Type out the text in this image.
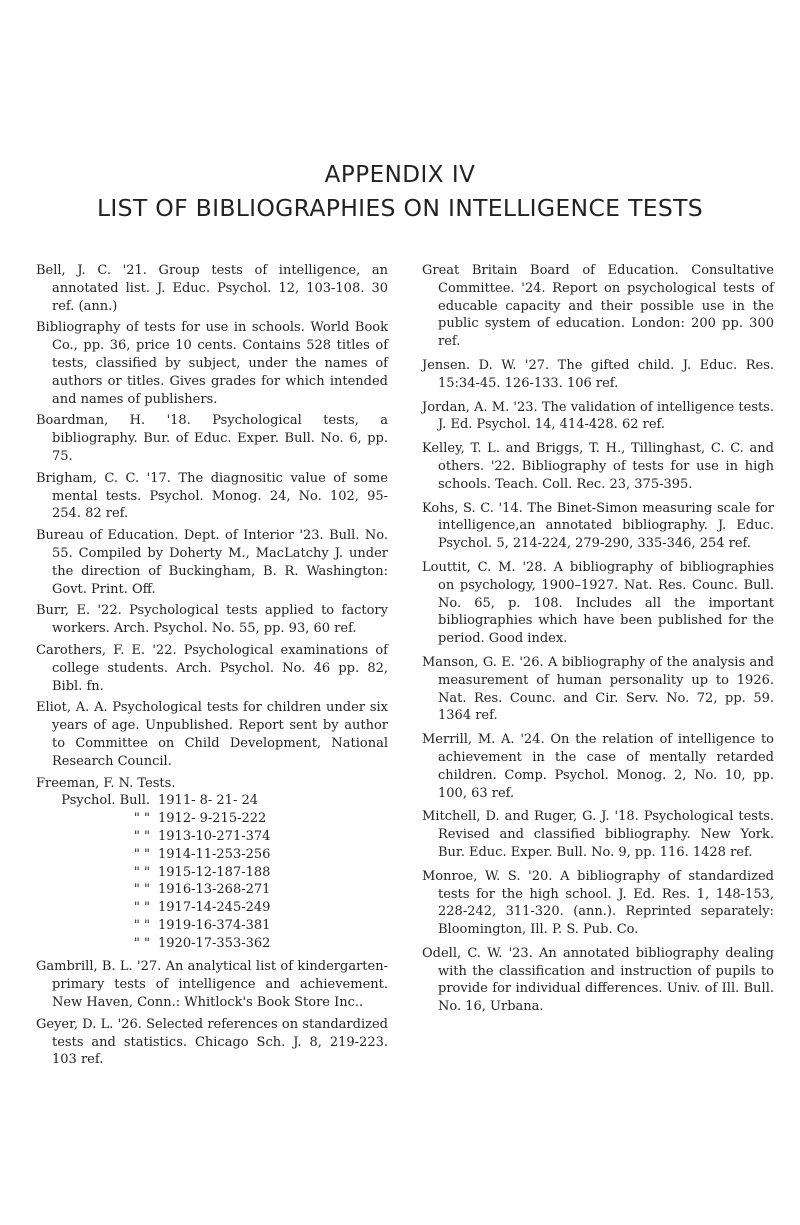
APPENDIX IV
LIST OF BIBLIOGRAPHIES ON INTELLIGENCE TESTS
Bell, J. C. '21. Group tests of intelligence, an annotated list. J. Educ. Psychol. 12, 103-108. 30 ref. (ann.)
Bibliography of tests for use in schools. World Book Co., pp. 36, price 10 cents. Contains 528 titles of tests, classified by subject, under the names of authors or titles. Gives grades for which intended and names of publishers.
Boardman, H. '18. Psychological tests, a bibliography. Bur. of Educ. Exper. Bull. No. 6, pp. 75.
Brigham, C. C. '17. The diagnositic value of some mental tests. Psychol. Monog. 24, No. 102, 95-254. 82 ref.
Bureau of Education. Dept. of Interior '23. Bull. No. 55. Compiled by Doherty M., MacLatchy J. under the direction of Buckingham, B. R. Washington: Govt. Print. Off.
Burr, E. '22. Psychological tests applied to factory workers. Arch. Psychol. No. 55, pp. 93, 60 ref.
Carothers, F. E. '22. Psychological examinations of college students. Arch. Psychol. No. 46 pp. 82, Bibl. fn.
Eliot, A. A. Psychological tests for children under six years of age. Unpublished. Report sent by author to Committee on Child Development, National Research Council.
Freeman, F. N. Tests.
Psychol. Bull. 1911- 8- 21- 24
" " 1912- 9-215-222
" " 1913-10-271-374
" " 1914-11-253-256
" " 1915-12-187-188
" " 1916-13-268-271
" " 1917-14-245-249
" " 1919-16-374-381
" " 1920-17-353-362
Gambrill, B. L. '27. An analytical list of kindergarten-primary tests of intelligence and achievement. New Haven, Conn.: Whitlock's Book Store Inc..
Geyer, D. L. '26. Selected references on standardized tests and statistics. Chicago Sch. J. 8, 219-223. 103 ref.
Great Britain Board of Education. Consultative Committee. '24. Report on psychological tests of educable capacity and their possible use in the public system of education. London: 200 pp. 300 ref.
Jensen. D. W. '27. The gifted child. J. Educ. Res. 15:34-45. 126-133. 106 ref.
Jordan, A. M. '23. The validation of intelligence tests. J. Ed. Psychol. 14, 414-428. 62 ref.
Kelley, T. L. and Briggs, T. H., Tillinghast, C. C. and others. '22. Bibliography of tests for use in high schools. Teach. Coll. Rec. 23, 375-395.
Kohs, S. C. '14. The Binet-Simon measuring scale for intelligence,an annotated bibliography. J. Educ. Psychol. 5, 214-224, 279-290, 335-346, 254 ref.
Louttit, C. M. '28. A bibliography of bibliographies on psychology, 1900–1927. Nat. Res. Counc. Bull. No. 65, p. 108. Includes all the important bibliographies which have been published for the period. Good index.
Manson, G. E. '26. A bibliography of the analysis and measurement of human personality up to 1926. Nat. Res. Counc. and Cir. Serv. No. 72, pp. 59. 1364 ref.
Merrill, M. A. '24. On the relation of intelligence to achievement in the case of mentally retarded children. Comp. Psychol. Monog. 2, No. 10, pp. 100, 63 ref.
Mitchell, D. and Ruger, G. J. '18. Psychological tests. Revised and classified bibliography. New York. Bur. Educ. Exper. Bull. No. 9, pp. 116. 1428 ref.
Monroe, W. S. '20. A bibliography of standardized tests for the high school. J. Ed. Res. 1, 148-153, 228-242, 311-320. (ann.). Reprinted separately: Bloomington, Ill. P. S. Pub. Co.
Odell, C. W. '23. An annotated bibliography dealing with the classification and instruction of pupils to provide for individual differences. Univ. of Ill. Bull. No. 16, Urbana.
